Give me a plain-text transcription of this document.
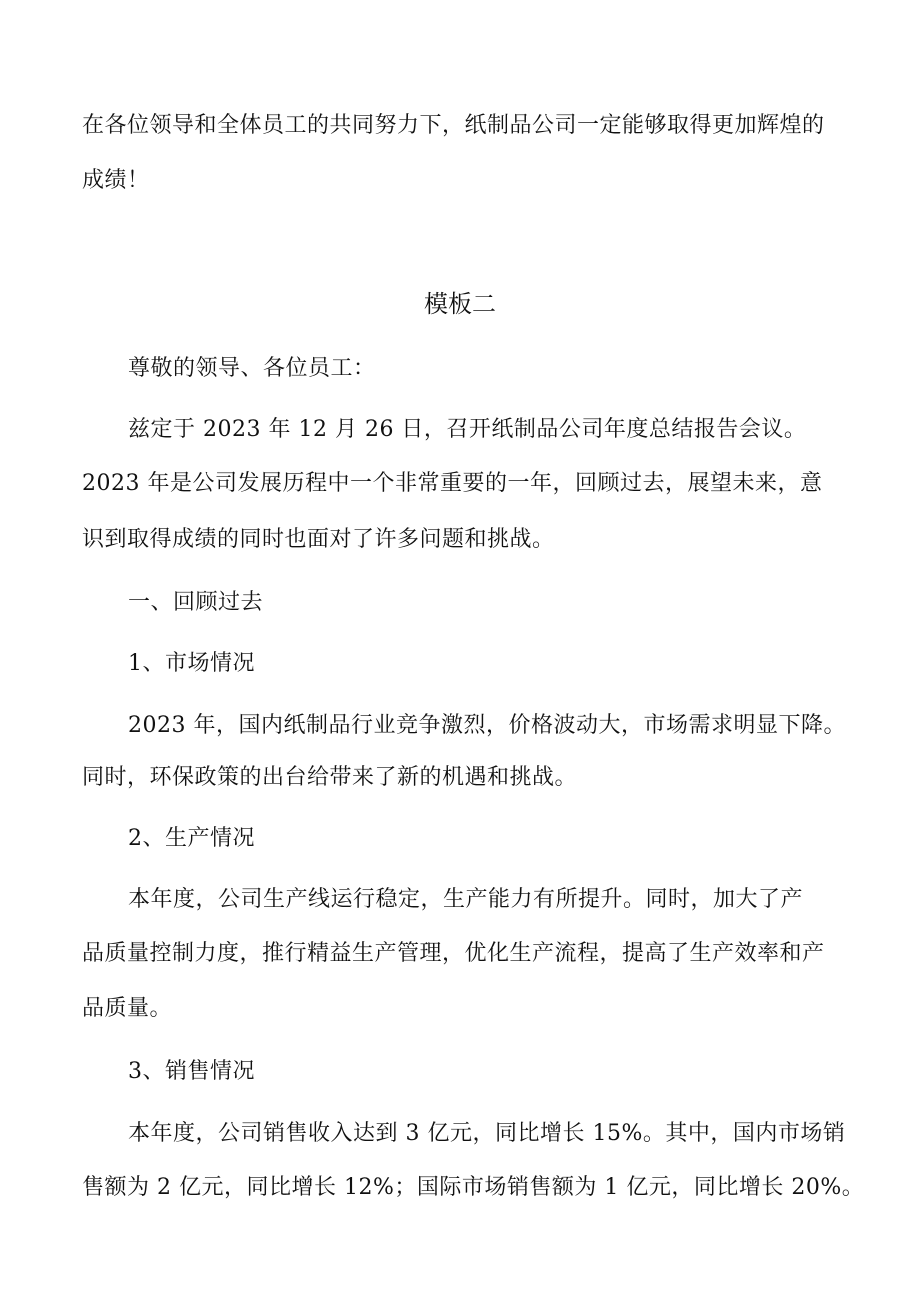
在各位领导和全体员工的共同努力下，纸制品公司一定能够取得更加辉煌的
成绩！
模板二
尊敬的领导、各位员工：
兹定于 2023 年 12 月 26 日，召开纸制品公司年度总结报告会议。
2023 年是公司发展历程中一个非常重要的一年，回顾过去，展望未来，意
识到取得成绩的同时也面对了许多问题和挑战。
一、回顾过去
1、市场情况
2023 年，国内纸制品行业竞争激烈，价格波动大，市场需求明显下降。
同时，环保政策的出台给带来了新的机遇和挑战。
2、生产情况
本年度，公司生产线运行稳定，生产能力有所提升。同时，加大了产
品质量控制力度，推行精益生产管理，优化生产流程，提高了生产效率和产
品质量。
3、销售情况
本年度，公司销售收入达到 3 亿元，同比增长 15%。其中，国内市场销
售额为 2 亿元，同比增长 12%；国际市场销售额为 1 亿元，同比增长 20%。
